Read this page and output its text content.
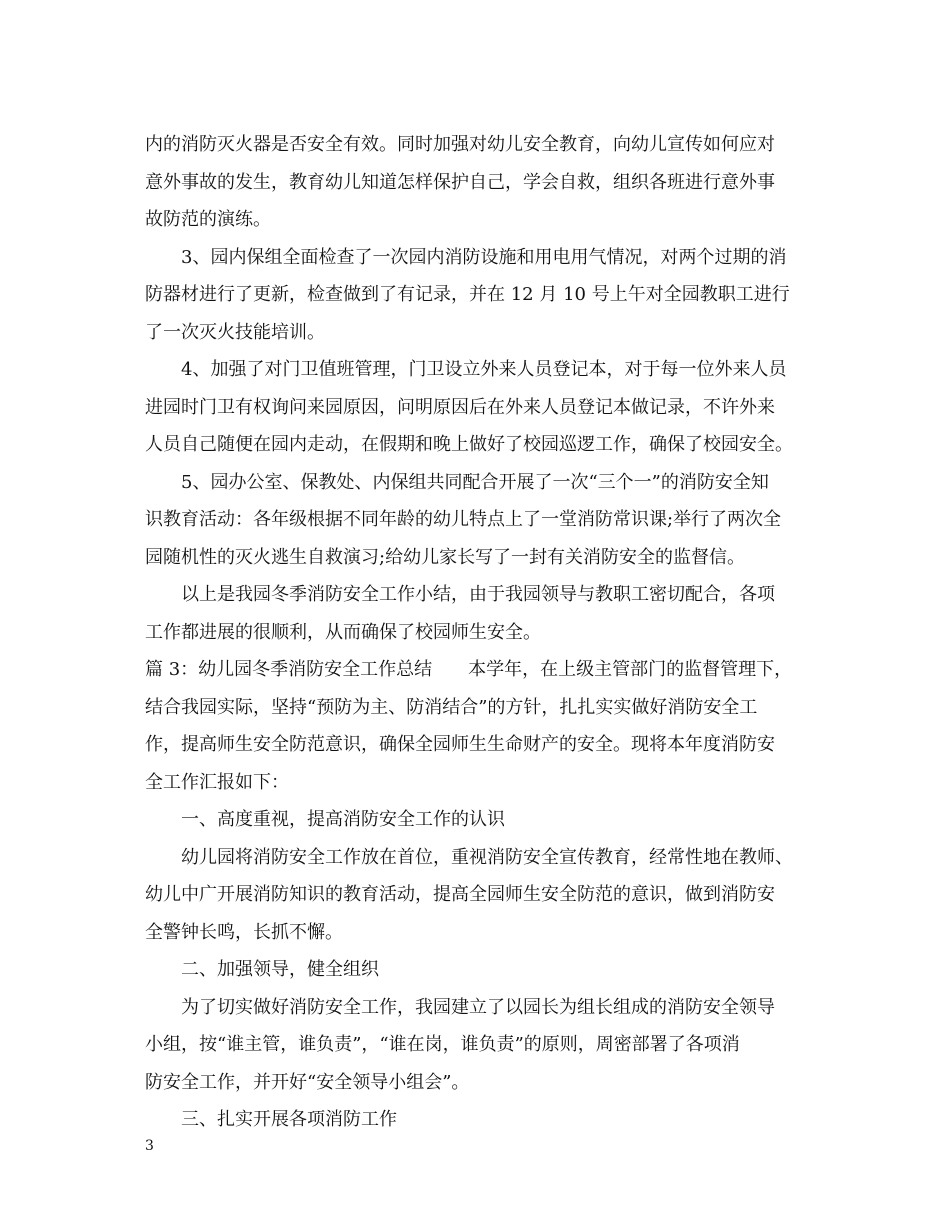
内的消防灭火器是否安全有效。同时加强对幼儿安全教育，向幼儿宣传如何应对
意外事故的发生，教育幼儿知道怎样保护自己，学会自救，组织各班进行意外事
故防范的演练。
3、园内保组全面检查了一次园内消防设施和用电用气情况，对两个过期的消
防器材进行了更新，检查做到了有记录，并在 12 月 10 号上午对全园教职工进行
了一次灭火技能培训。
4、加强了对门卫值班管理，门卫设立外来人员登记本，对于每一位外来人员
进园时门卫有权询问来园原因，问明原因后在外来人员登记本做记录，不许外来
人员自己随便在园内走动，在假期和晚上做好了校园巡逻工作，确保了校园安全。
5、园办公室、保教处、内保组共同配合开展了一次“三个一”的消防安全知
识教育活动：各年级根据不同年龄的幼儿特点上了一堂消防常识课;举行了两次全
园随机性的灭火逃生自救演习;给幼儿家长写了一封有关消防安全的监督信。
以上是我园冬季消防安全工作小结，由于我园领导与教职工密切配合，各项
工作都进展的很顺利，从而确保了校园师生安全。
篇 3：幼儿园冬季消防安全工作总结　　本学年，在上级主管部门的监督管理下，
结合我园实际，坚持“预防为主、防消结合”的方针，扎扎实实做好消防安全工
作，提高师生安全防范意识，确保全园师生生命财产的安全。现将本年度消防安
全工作汇报如下：
一、高度重视，提高消防安全工作的认识
幼儿园将消防安全工作放在首位，重视消防安全宣传教育，经常性地在教师、
幼儿中广开展消防知识的教育活动，提高全园师生安全防范的意识，做到消防安
全警钟长鸣，长抓不懈。
二、加强领导，健全组织
为了切实做好消防安全工作，我园建立了以园长为组长组成的消防安全领导
小组，按“谁主管，谁负责”，“谁在岗，谁负责”的原则，周密部署了各项消
防安全工作，并开好“安全领导小组会”。
三、扎实开展各项消防工作
3
